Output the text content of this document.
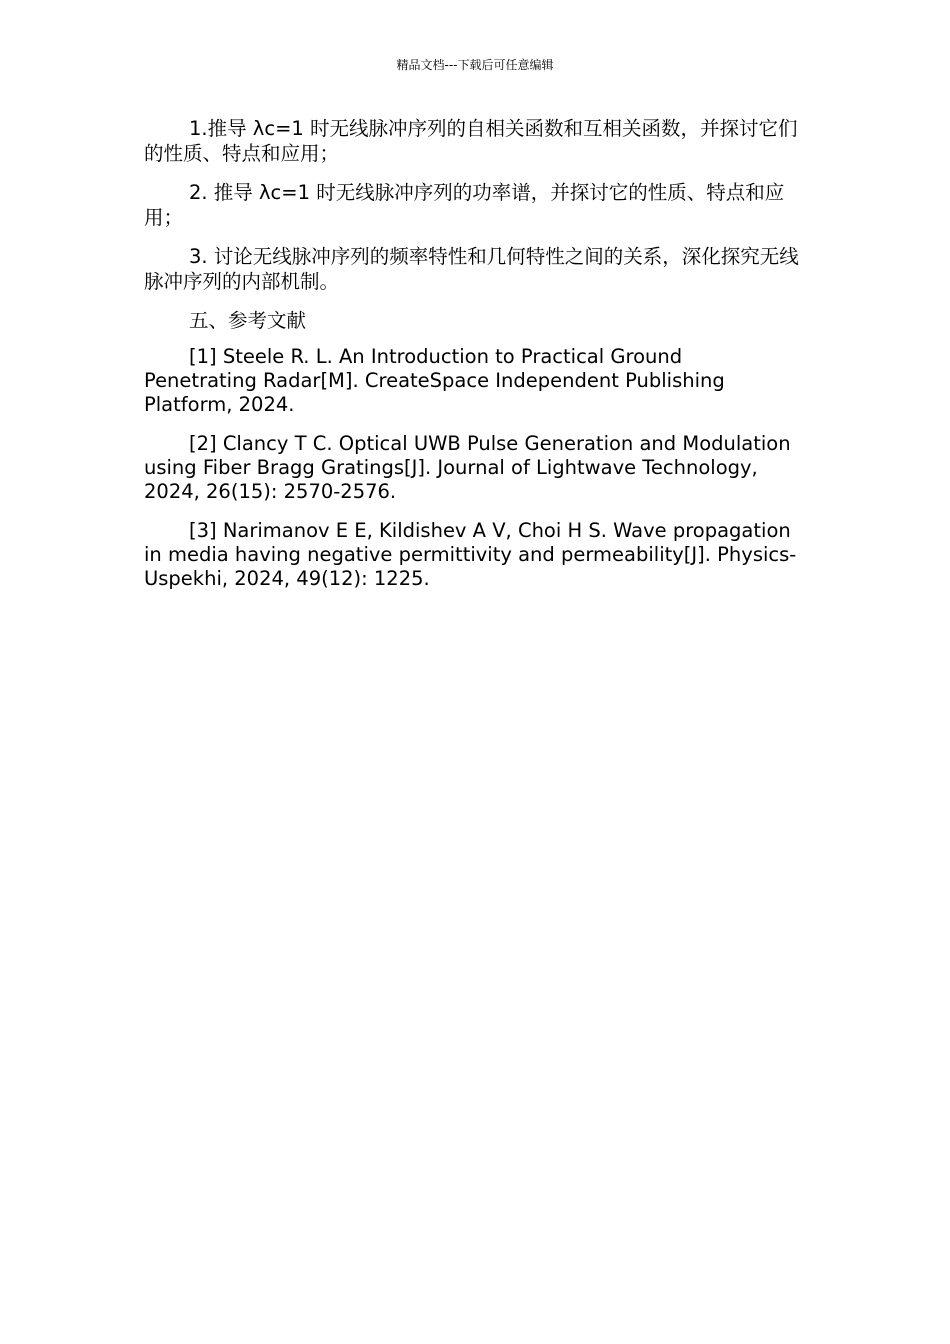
精品文档---下载后可任意编辑

1.推导 λc=1 时无线脉冲序列的自相关函数和互相关函数，并探讨它们的性质、特点和应用；

2. 推导 λc=1 时无线脉冲序列的功率谱，并探讨它的性质、特点和应用；

3. 讨论无线脉冲序列的频率特性和几何特性之间的关系，深化探究无线脉冲序列的内部机制。

五、参考文献

[1] Steele R. L. An Introduction to Practical Ground Penetrating Radar[M]. CreateSpace Independent Publishing Platform, 2024.

[2] Clancy T C. Optical UWB Pulse Generation and Modulation using Fiber Bragg Gratings[J]. Journal of Lightwave Technology, 2024, 26(15): 2570-2576.

[3] Narimanov E E, Kildishev A V, Choi H S. Wave propagation in media having negative permittivity and permeability[J]. Physics-Uspekhi, 2024, 49(12): 1225.
